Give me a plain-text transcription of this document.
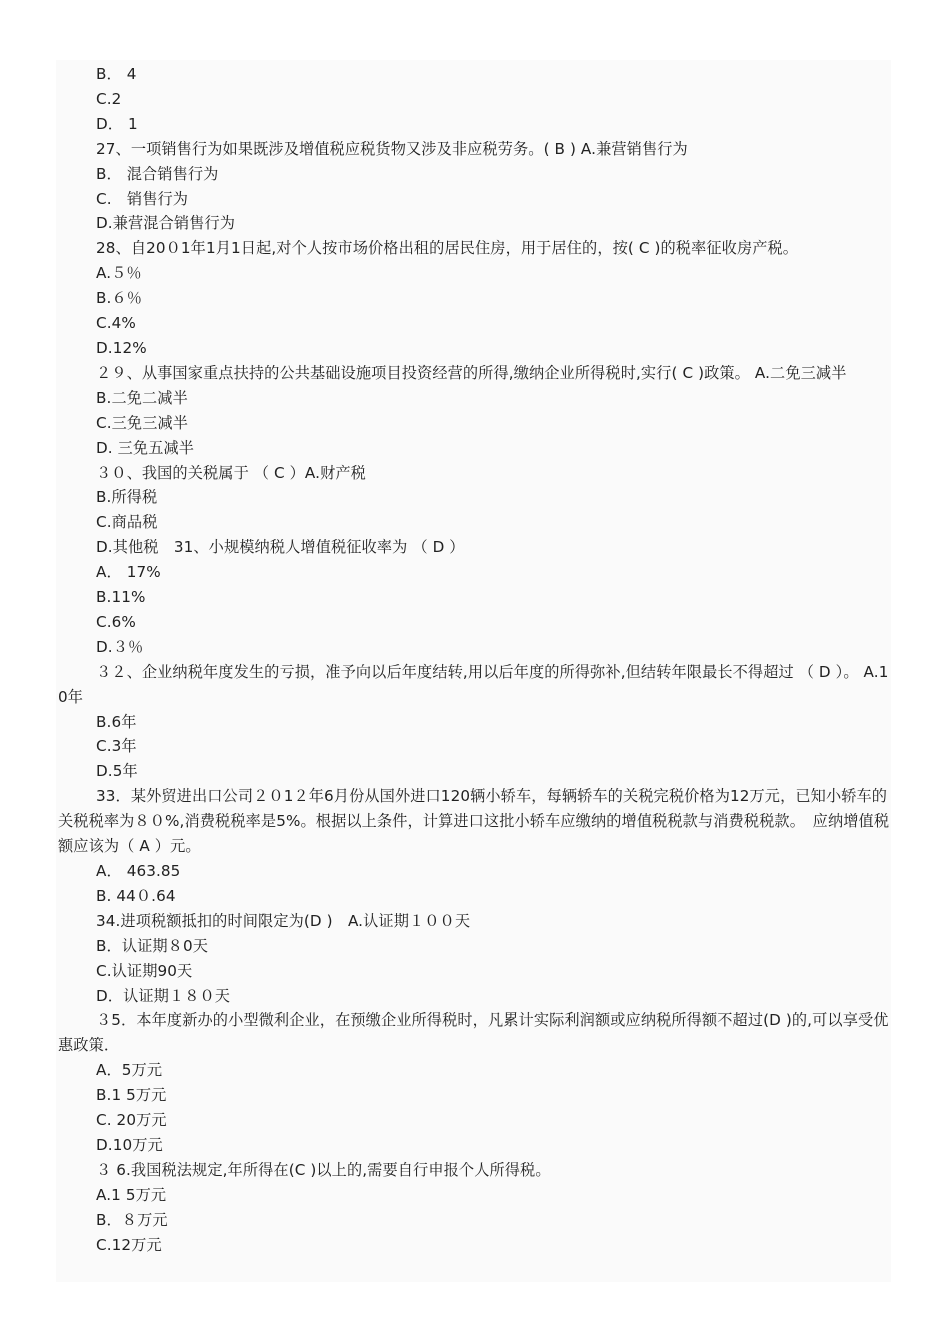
B． 4
C.2
D． 1
27、一项销售行为如果既涉及增值税应税货物又涉及非应税劳务。( B ) A.兼营销售行为
B． 混合销售行为
C.　销售行为
D.兼营混合销售行为
28、自20０1年1月1日起,对个人按市场价格出租的居民住房，用于居住的，按( C )的税率征收房产税。
A.５％
B.６％
C.4%
D.12%
２９、从事国家重点扶持的公共基础设施项目投资经营的所得,缴纳企业所得税时,实行( C )政策。 A.二免三减半
B.二免二减半
C.三免三减半
D. 三免五减半
３０、我国的关税属于 （ C ）A.财产税
B.所得税
C.商品税
D.其他税　31、小规模纳税人增值税征收率为 （ D ）
A． 17%
B.11%
C.6%
D.３％
３２、企业纳税年度发生的亏损，准予向以后年度结转,用以后年度的所得弥补,但结转年限最长不得超过 （ D ）。 A.10年
B.6年
C.3年
D.5年
33．某外贸进出口公司２０1２年6月份从国外进口120辆小轿车，每辆轿车的关税完税价格为12万元，已知小轿车的关税税率为８０%,消费税税率是5%。根据以上条件，计算进口这批小轿车应缴纳的增值税税款与消费税税款。　应纳增值税额应该为（ A ）元。
A． 463.85
B. 44０.64
34.进项税额抵扣的时间限定为(D )　A.认证期１００天
B．认证期８0天
C.认证期90天
D．认证期１８０天
３5．本年度新办的小型微利企业，在预缴企业所得税时，凡累计实际利润额或应纳税所得额不超过(D )的,可以享受优惠政策．
A．5万元
B.1 5万元
C. 20万元
D.10万元
３ 6.我国税法规定,年所得在(C )以上的,需要自行申报个人所得税。
A.1 5万元
B．８万元
C.12万元
